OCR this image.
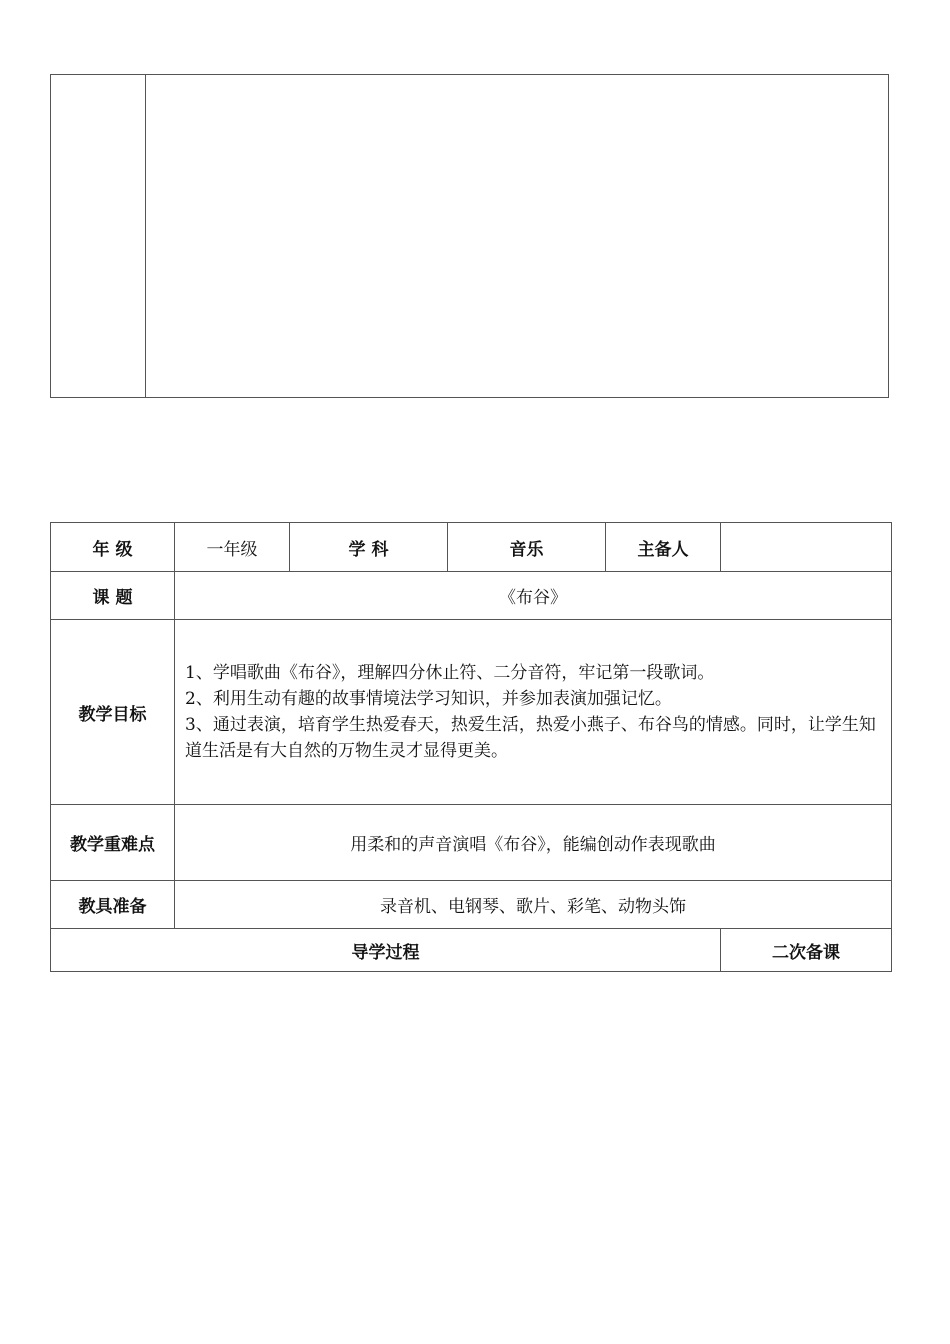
年 级	一年级	学 科	音乐	主备人	
课 题	《布谷》				
教学目标	1、学唱歌曲《布谷》，理解四分休止符、二分音符，牢记第一段歌词。
2、利用生动有趣的故事情境法学习知识，并参加表演加强记忆。
3、通过表演，培育学生热爱春天，热爱生活，热爱小燕子、布谷鸟的情感。同时，让学生知道生活是有大自然的万物生灵才显得更美。				

教学重难点	用柔和的声音演唱《布谷》，能编创动作表现歌曲				
教具准备	录音机、电钢琴、歌片、彩笔、动物头饰				
导学过程					二次备课
